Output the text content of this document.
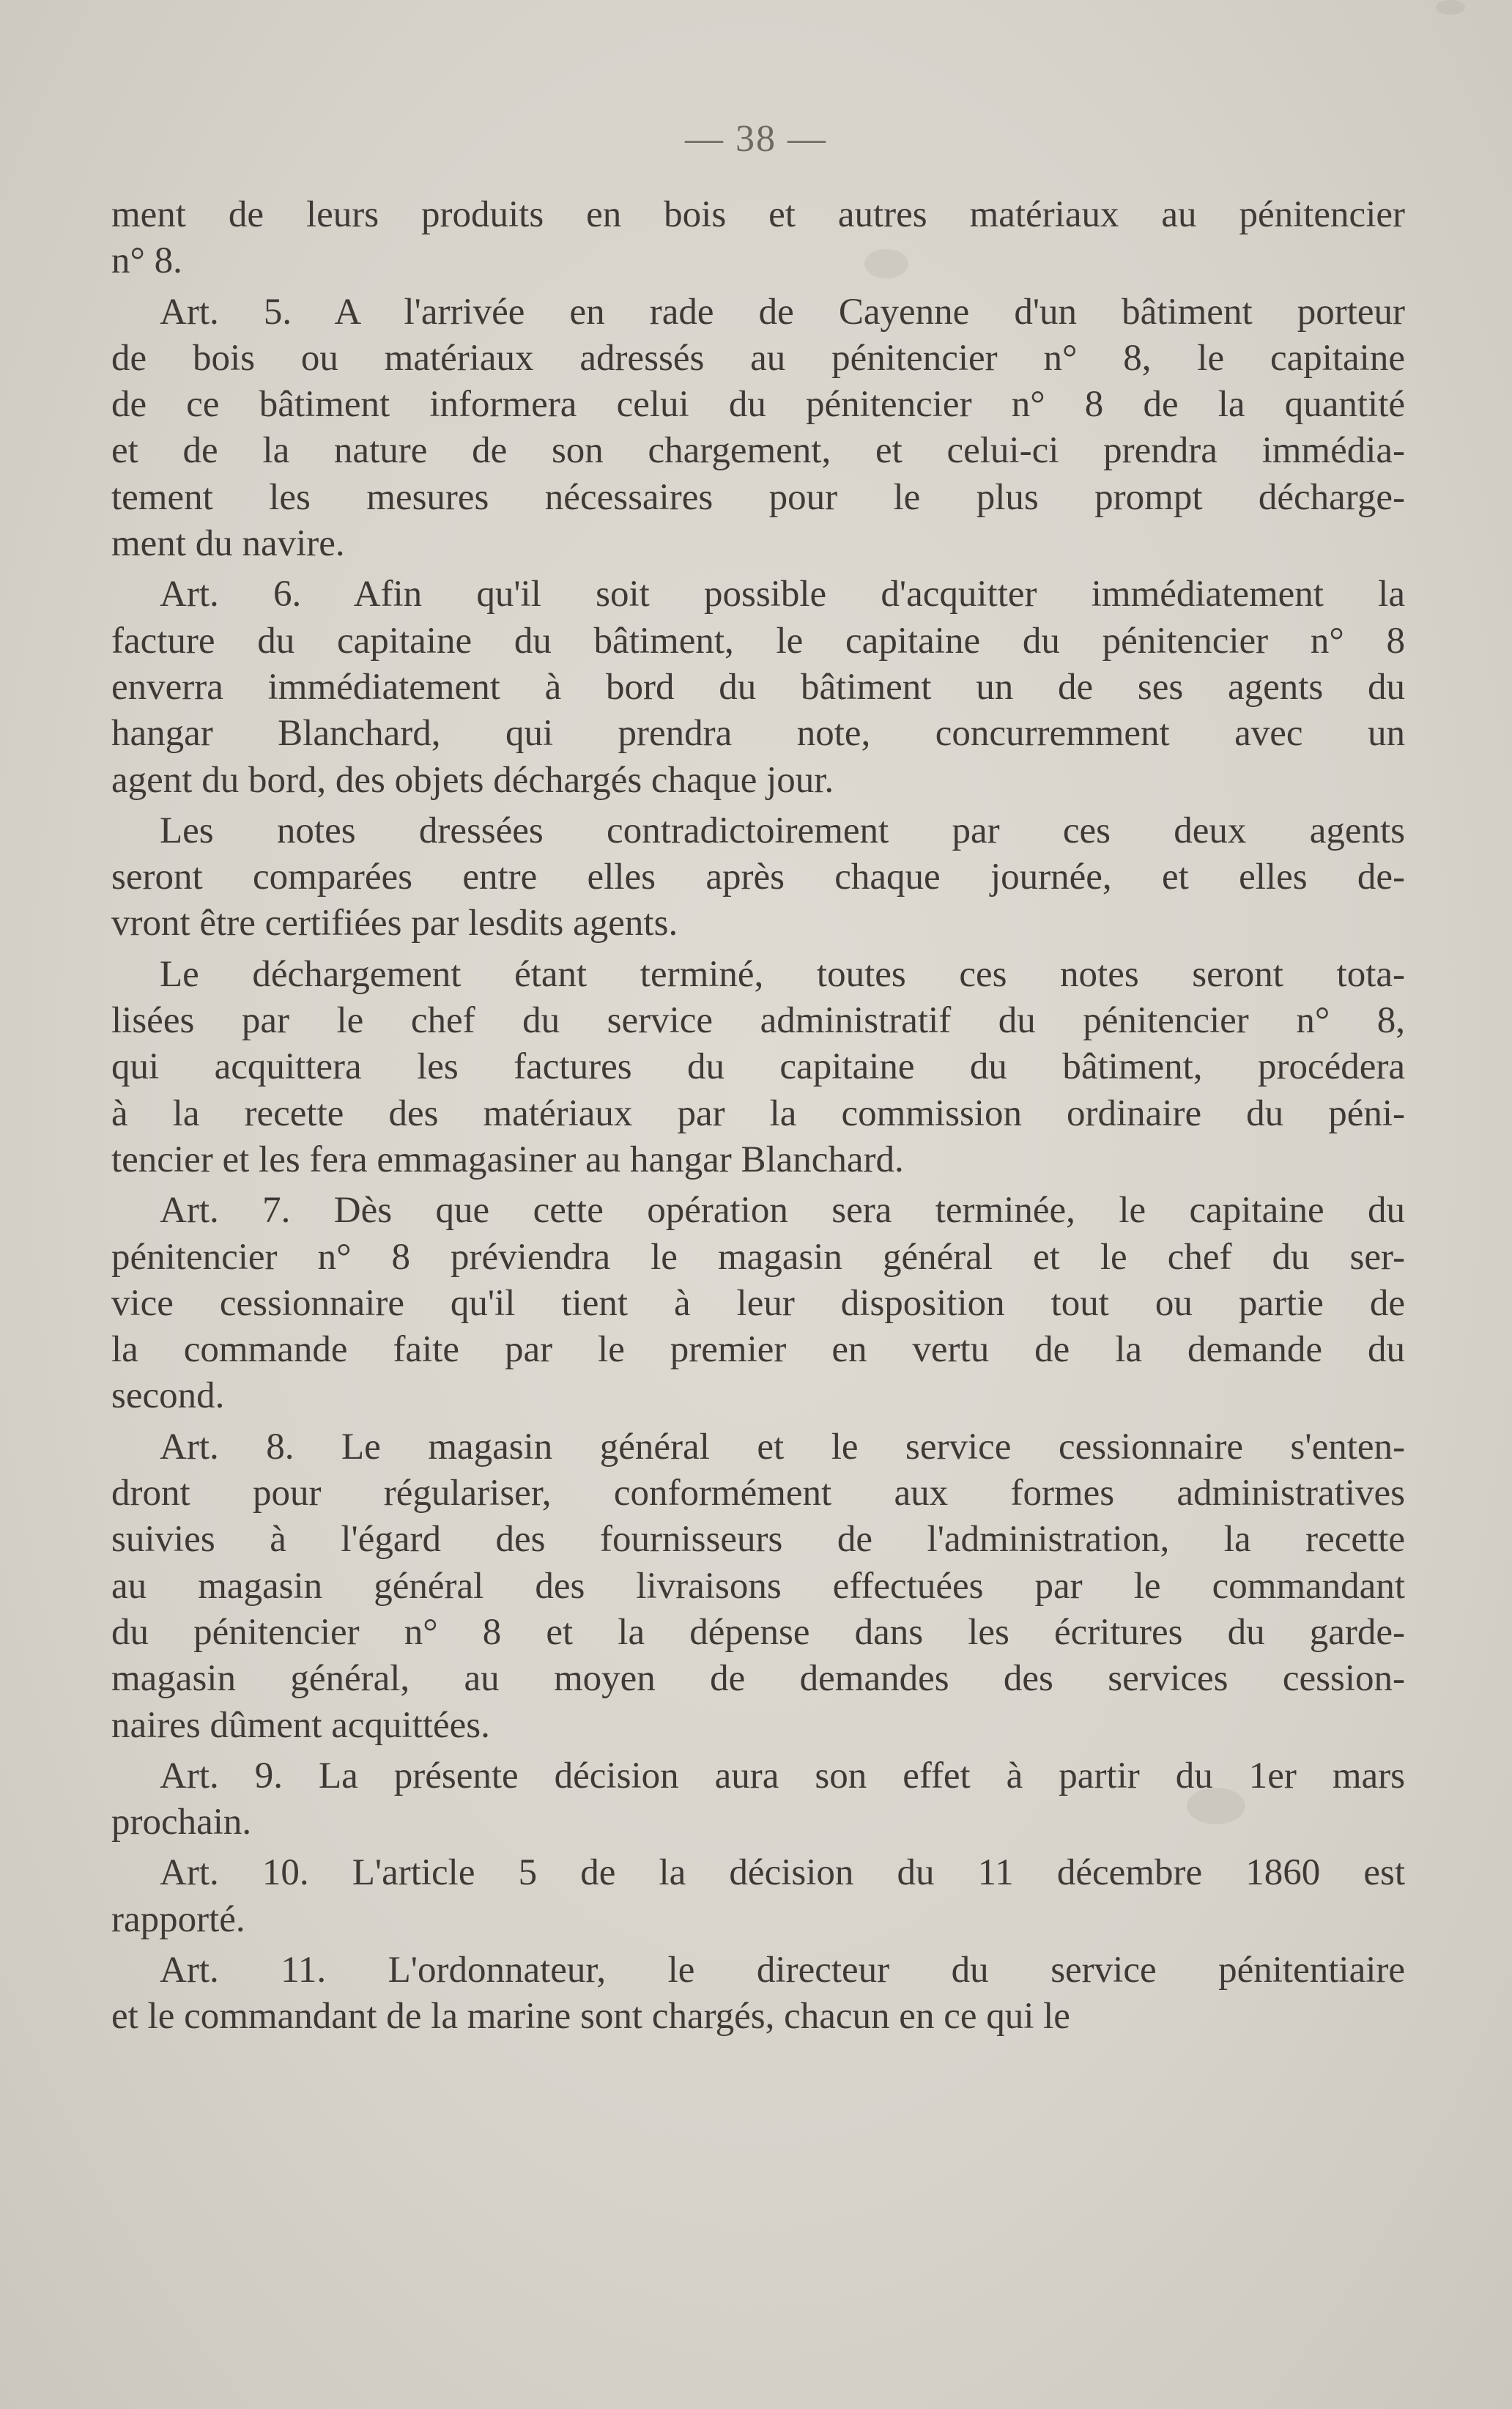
— 38 —
ment de leurs produits en bois et autres matériaux au pénitencier
n° 8.
Art. 5. A l'arrivée en rade de Cayenne d'un bâtiment porteur
de bois ou matériaux adressés au pénitencier n° 8, le capitaine
de ce bâtiment informera celui du pénitencier n° 8 de la quantité
et de la nature de son chargement, et celui-ci prendra immédia-
tement les mesures nécessaires pour le plus prompt décharge-
ment du navire.
Art. 6. Afin qu'il soit possible d'acquitter immédiatement la
facture du capitaine du bâtiment, le capitaine du pénitencier n° 8
enverra immédiatement à bord du bâtiment un de ses agents du
hangar Blanchard, qui prendra note, concurremment avec un
agent du bord, des objets déchargés chaque jour.
Les notes dressées contradictoirement par ces deux agents
seront comparées entre elles après chaque journée, et elles de-
vront être certifiées par lesdits agents.
Le déchargement étant terminé, toutes ces notes seront tota-
lisées par le chef du service administratif du pénitencier n° 8,
qui acquittera les factures du capitaine du bâtiment, procédera
à la recette des matériaux par la commission ordinaire du péni-
tencier et les fera emmagasiner au hangar Blanchard.
Art. 7. Dès que cette opération sera terminée, le capitaine du
pénitencier n° 8 préviendra le magasin général et le chef du ser-
vice cessionnaire qu'il tient à leur disposition tout ou partie de
la commande faite par le premier en vertu de la demande du
second.
Art. 8. Le magasin général et le service cessionnaire s'enten-
dront pour régulariser, conformément aux formes administratives
suivies à l'égard des fournisseurs de l'administration, la recette
au magasin général des livraisons effectuées par le commandant
du pénitencier n° 8 et la dépense dans les écritures du garde-
magasin général, au moyen de demandes des services cession-
naires dûment acquittées.
Art. 9. La présente décision aura son effet à partir du 1er mars
prochain.
Art. 10. L'article 5 de la décision du 11 décembre 1860 est
rapporté.
Art. 11. L'ordonnateur, le directeur du service pénitentiaire
et le commandant de la marine sont chargés, chacun en ce qui le
